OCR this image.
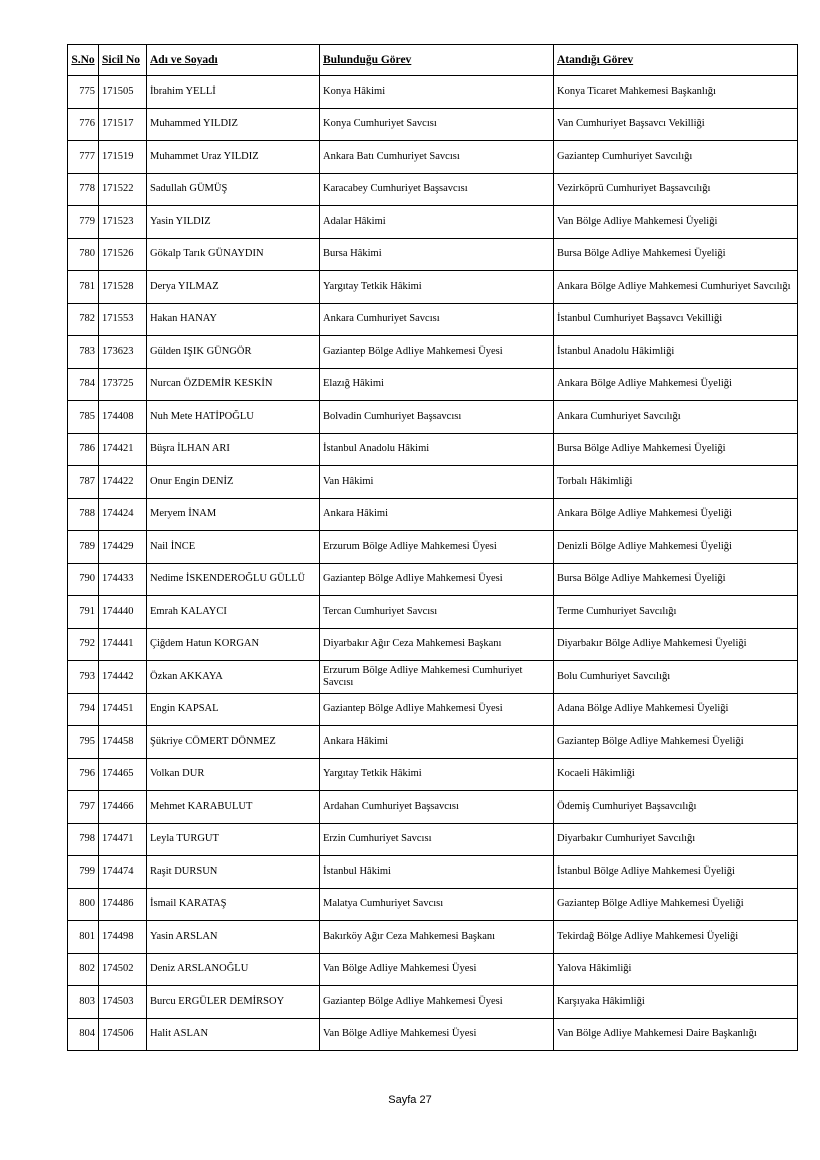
S.No	Sicil No	Adı ve Soyadı	Bulunduğu Görev	Atandığı Görev
775	171505	İbrahim YELLİ	Konya Hâkimi	Konya Ticaret Mahkemesi Başkanlığı
776	171517	Muhammed YILDIZ	Konya Cumhuriyet Savcısı	Van Cumhuriyet Başsavcı Vekilliği
777	171519	Muhammet Uraz YILDIZ	Ankara Batı Cumhuriyet Savcısı	Gaziantep Cumhuriyet Savcılığı
778	171522	Sadullah GÜMÜŞ	Karacabey Cumhuriyet Başsavcısı	Vezirköprü Cumhuriyet Başsavcılığı
779	171523	Yasin YILDIZ	Adalar Hâkimi	Van Bölge Adliye Mahkemesi Üyeliği
780	171526	Gökalp Tarık GÜNAYDIN	Bursa Hâkimi	Bursa Bölge Adliye Mahkemesi Üyeliği
781	171528	Derya YILMAZ	Yargıtay Tetkik Hâkimi	Ankara Bölge Adliye Mahkemesi Cumhuriyet Savcılığı
782	171553	Hakan HANAY	Ankara Cumhuriyet Savcısı	İstanbul Cumhuriyet Başsavcı Vekilliği
783	173623	Gülden IŞIK GÜNGÖR	Gaziantep Bölge Adliye Mahkemesi Üyesi	İstanbul Anadolu Hâkimliği
784	173725	Nurcan ÖZDEMİR KESKİN	Elazığ Hâkimi	Ankara Bölge Adliye Mahkemesi Üyeliği
785	174408	Nuh Mete HATİPOĞLU	Bolvadin Cumhuriyet Başsavcısı	Ankara Cumhuriyet Savcılığı
786	174421	Büşra İLHAN ARI	İstanbul Anadolu Hâkimi	Bursa Bölge Adliye Mahkemesi Üyeliği
787	174422	Onur Engin DENİZ	Van Hâkimi	Torbalı Hâkimliği
788	174424	Meryem İNAM	Ankara Hâkimi	Ankara Bölge Adliye Mahkemesi Üyeliği
789	174429	Nail İNCE	Erzurum Bölge Adliye Mahkemesi Üyesi	Denizli Bölge Adliye Mahkemesi Üyeliği
790	174433	Nedime İSKENDEROĞLU GÜLLÜ	Gaziantep Bölge Adliye Mahkemesi Üyesi	Bursa Bölge Adliye Mahkemesi Üyeliği
791	174440	Emrah KALAYCI	Tercan Cumhuriyet Savcısı	Terme Cumhuriyet Savcılığı
792	174441	Çiğdem Hatun KORGAN	Diyarbakır Ağır Ceza Mahkemesi Başkanı	Diyarbakır Bölge Adliye Mahkemesi Üyeliği
793	174442	Özkan AKKAYA	Erzurum Bölge Adliye Mahkemesi Cumhuriyet Savcısı	Bolu Cumhuriyet Savcılığı
794	174451	Engin KAPSAL	Gaziantep Bölge Adliye Mahkemesi Üyesi	Adana Bölge Adliye Mahkemesi Üyeliği
795	174458	Şükriye CÖMERT DÖNMEZ	Ankara Hâkimi	Gaziantep Bölge Adliye Mahkemesi Üyeliği
796	174465	Volkan DUR	Yargıtay Tetkik Hâkimi	Kocaeli Hâkimliği
797	174466	Mehmet KARABULUT	Ardahan Cumhuriyet Başsavcısı	Ödemiş Cumhuriyet Başsavcılığı
798	174471	Leyla TURGUT	Erzin Cumhuriyet Savcısı	Diyarbakır Cumhuriyet Savcılığı
799	174474	Raşit DURSUN	İstanbul Hâkimi	İstanbul Bölge Adliye Mahkemesi Üyeliği
800	174486	İsmail KARATAŞ	Malatya Cumhuriyet Savcısı	Gaziantep Bölge Adliye Mahkemesi Üyeliği
801	174498	Yasin ARSLAN	Bakırköy Ağır Ceza Mahkemesi Başkanı	Tekirdağ Bölge Adliye Mahkemesi Üyeliği
802	174502	Deniz ARSLANOĞLU	Van Bölge Adliye Mahkemesi Üyesi	Yalova Hâkimliği
803	174503	Burcu ERGÜLER DEMİRSOY	Gaziantep Bölge Adliye Mahkemesi Üyesi	Karşıyaka Hâkimliği
804	174506	Halit ASLAN	Van Bölge Adliye Mahkemesi Üyesi	Van Bölge Adliye Mahkemesi Daire Başkanlığı
Sayfa 27
